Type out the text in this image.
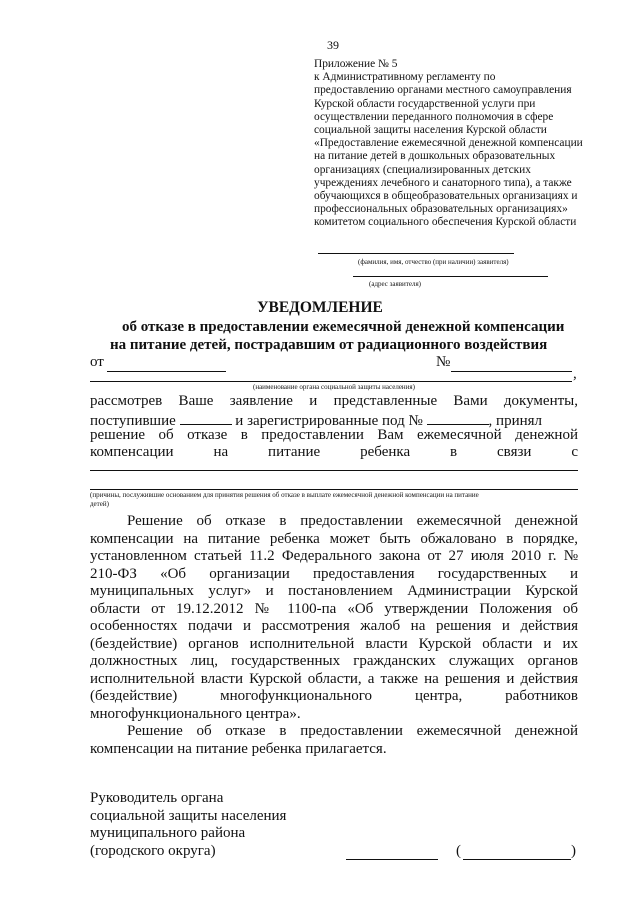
39
Приложение № 5
к Административному регламенту по
предоставлению органами местного самоуправления
Курской области государственной услуги при
осуществлении переданного полномочия в сфере
социальной защиты населения Курской области
«Предоставление ежемесячной денежной компенсации
на питание детей в дошкольных образовательных
организациях (специализированных детских
учреждениях лечебного и санаторного типа), а также
обучающихся в общеобразовательных организациях и
профессиональных образовательных организациях»
комитетом социального обеспечения Курской области
(фамилия, имя, отчество (при наличии) заявителя)
(адрес заявителя)
УВЕДОМЛЕНИЕ
об отказе в предоставлении ежемесячной денежной компенсации
на питание детей, пострадавшим от радиационного воздействия
от	№
,
(наименование органа социальной защиты населения)
рассмотрев Ваше заявление и представленные Вами документы,
поступившие	и зарегистрированные под №	, принял
решение об отказе в предоставлении Вам ежемесячной денежной
компенсации на питание ребенка в связи с
(причины, послужившие основанием для принятия решения об отказе в выплате ежемесячной денежной компенсации на питание
детей)
Решение об отказе в предоставлении ежемесячной денежной
компенсации на питание ребенка может быть обжаловано в порядке,
установленном статьей 11.2 Федерального закона от 27 июля 2010 г. №
210-ФЗ «Об организации предоставления государственных и
муниципальных услуг» и постановлением Администрации Курской
области от 19.12.2012 № 1100-па «Об утверждении Положения об
особенностях подачи и рассмотрения жалоб на решения и действия
(бездействие) органов исполнительной власти Курской области и их
должностных лиц, государственных гражданских служащих органов
исполнительной власти Курской области, а также на решения и действия
(бездействие) многофункционального центра, работников
многофункционального центра».
Решение об отказе в предоставлении ежемесячной денежной
компенсации на питание ребенка прилагается.
Руководитель органа
социальной защиты населения
муниципального района
(городского округа)	(	)
